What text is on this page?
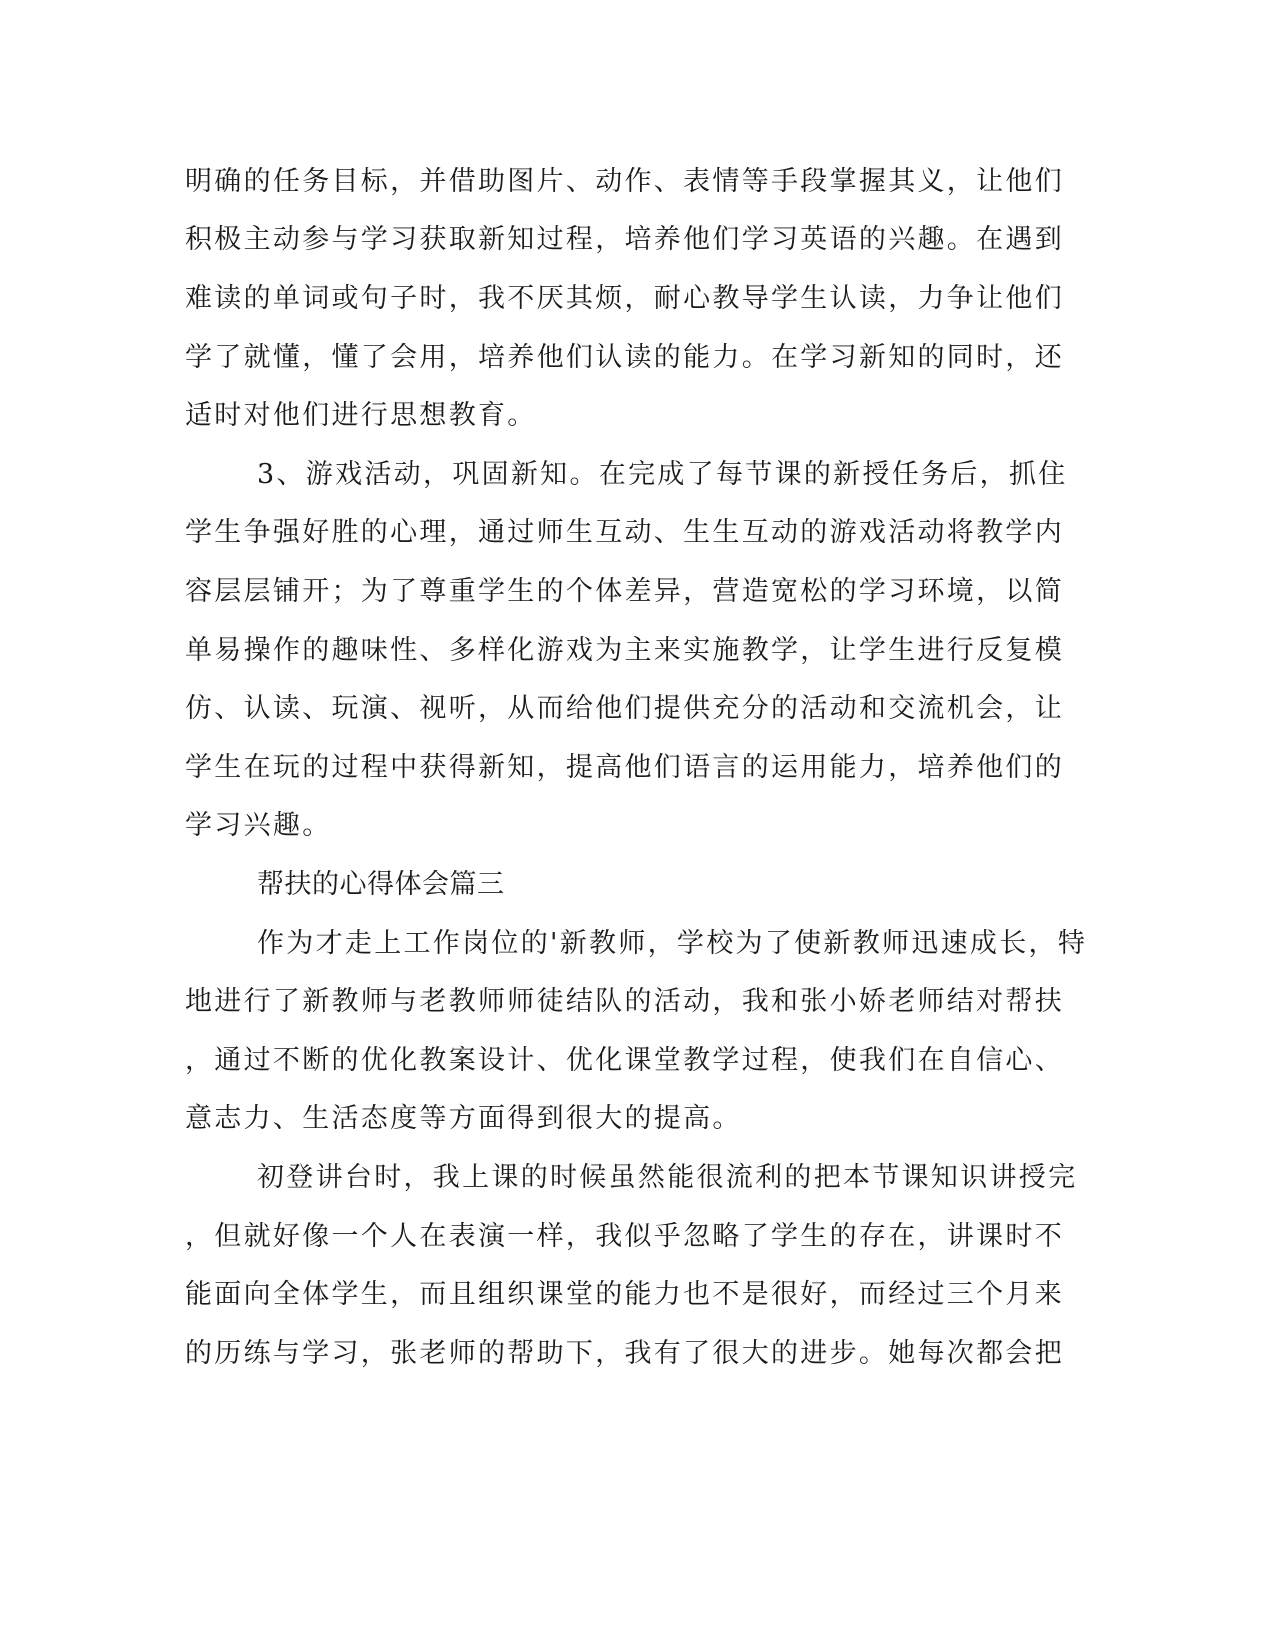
明确的任务目标，并借助图片、动作、表情等手段掌握其义，让他们
积极主动参与学习获取新知过程，培养他们学习英语的兴趣。在遇到
难读的单词或句子时，我不厌其烦，耐心教导学生认读，力争让他们
学了就懂，懂了会用，培养他们认读的能力。在学习新知的同时，还
适时对他们进行思想教育。
3、游戏活动，巩固新知。在完成了每节课的新授任务后，抓住
学生争强好胜的心理，通过师生互动、生生互动的游戏活动将教学内
容层层铺开；为了尊重学生的个体差异，营造宽松的学习环境，以简
单易操作的趣味性、多样化游戏为主来实施教学，让学生进行反复模
仿、认读、玩演、视听，从而给他们提供充分的活动和交流机会，让
学生在玩的过程中获得新知，提高他们语言的运用能力，培养他们的
学习兴趣。
帮扶的心得体会篇三
作为才走上工作岗位的'新教师，学校为了使新教师迅速成长，特
地进行了新教师与老教师师徒结队的活动，我和张小娇老师结对帮扶
，通过不断的优化教案设计、优化课堂教学过程，使我们在自信心、
意志力、生活态度等方面得到很大的提高。
初登讲台时，我上课的时候虽然能很流利的把本节课知识讲授完
，但就好像一个人在表演一样，我似乎忽略了学生的存在，讲课时不
能面向全体学生，而且组织课堂的能力也不是很好，而经过三个月来
的历练与学习，张老师的帮助下，我有了很大的进步。她每次都会把
